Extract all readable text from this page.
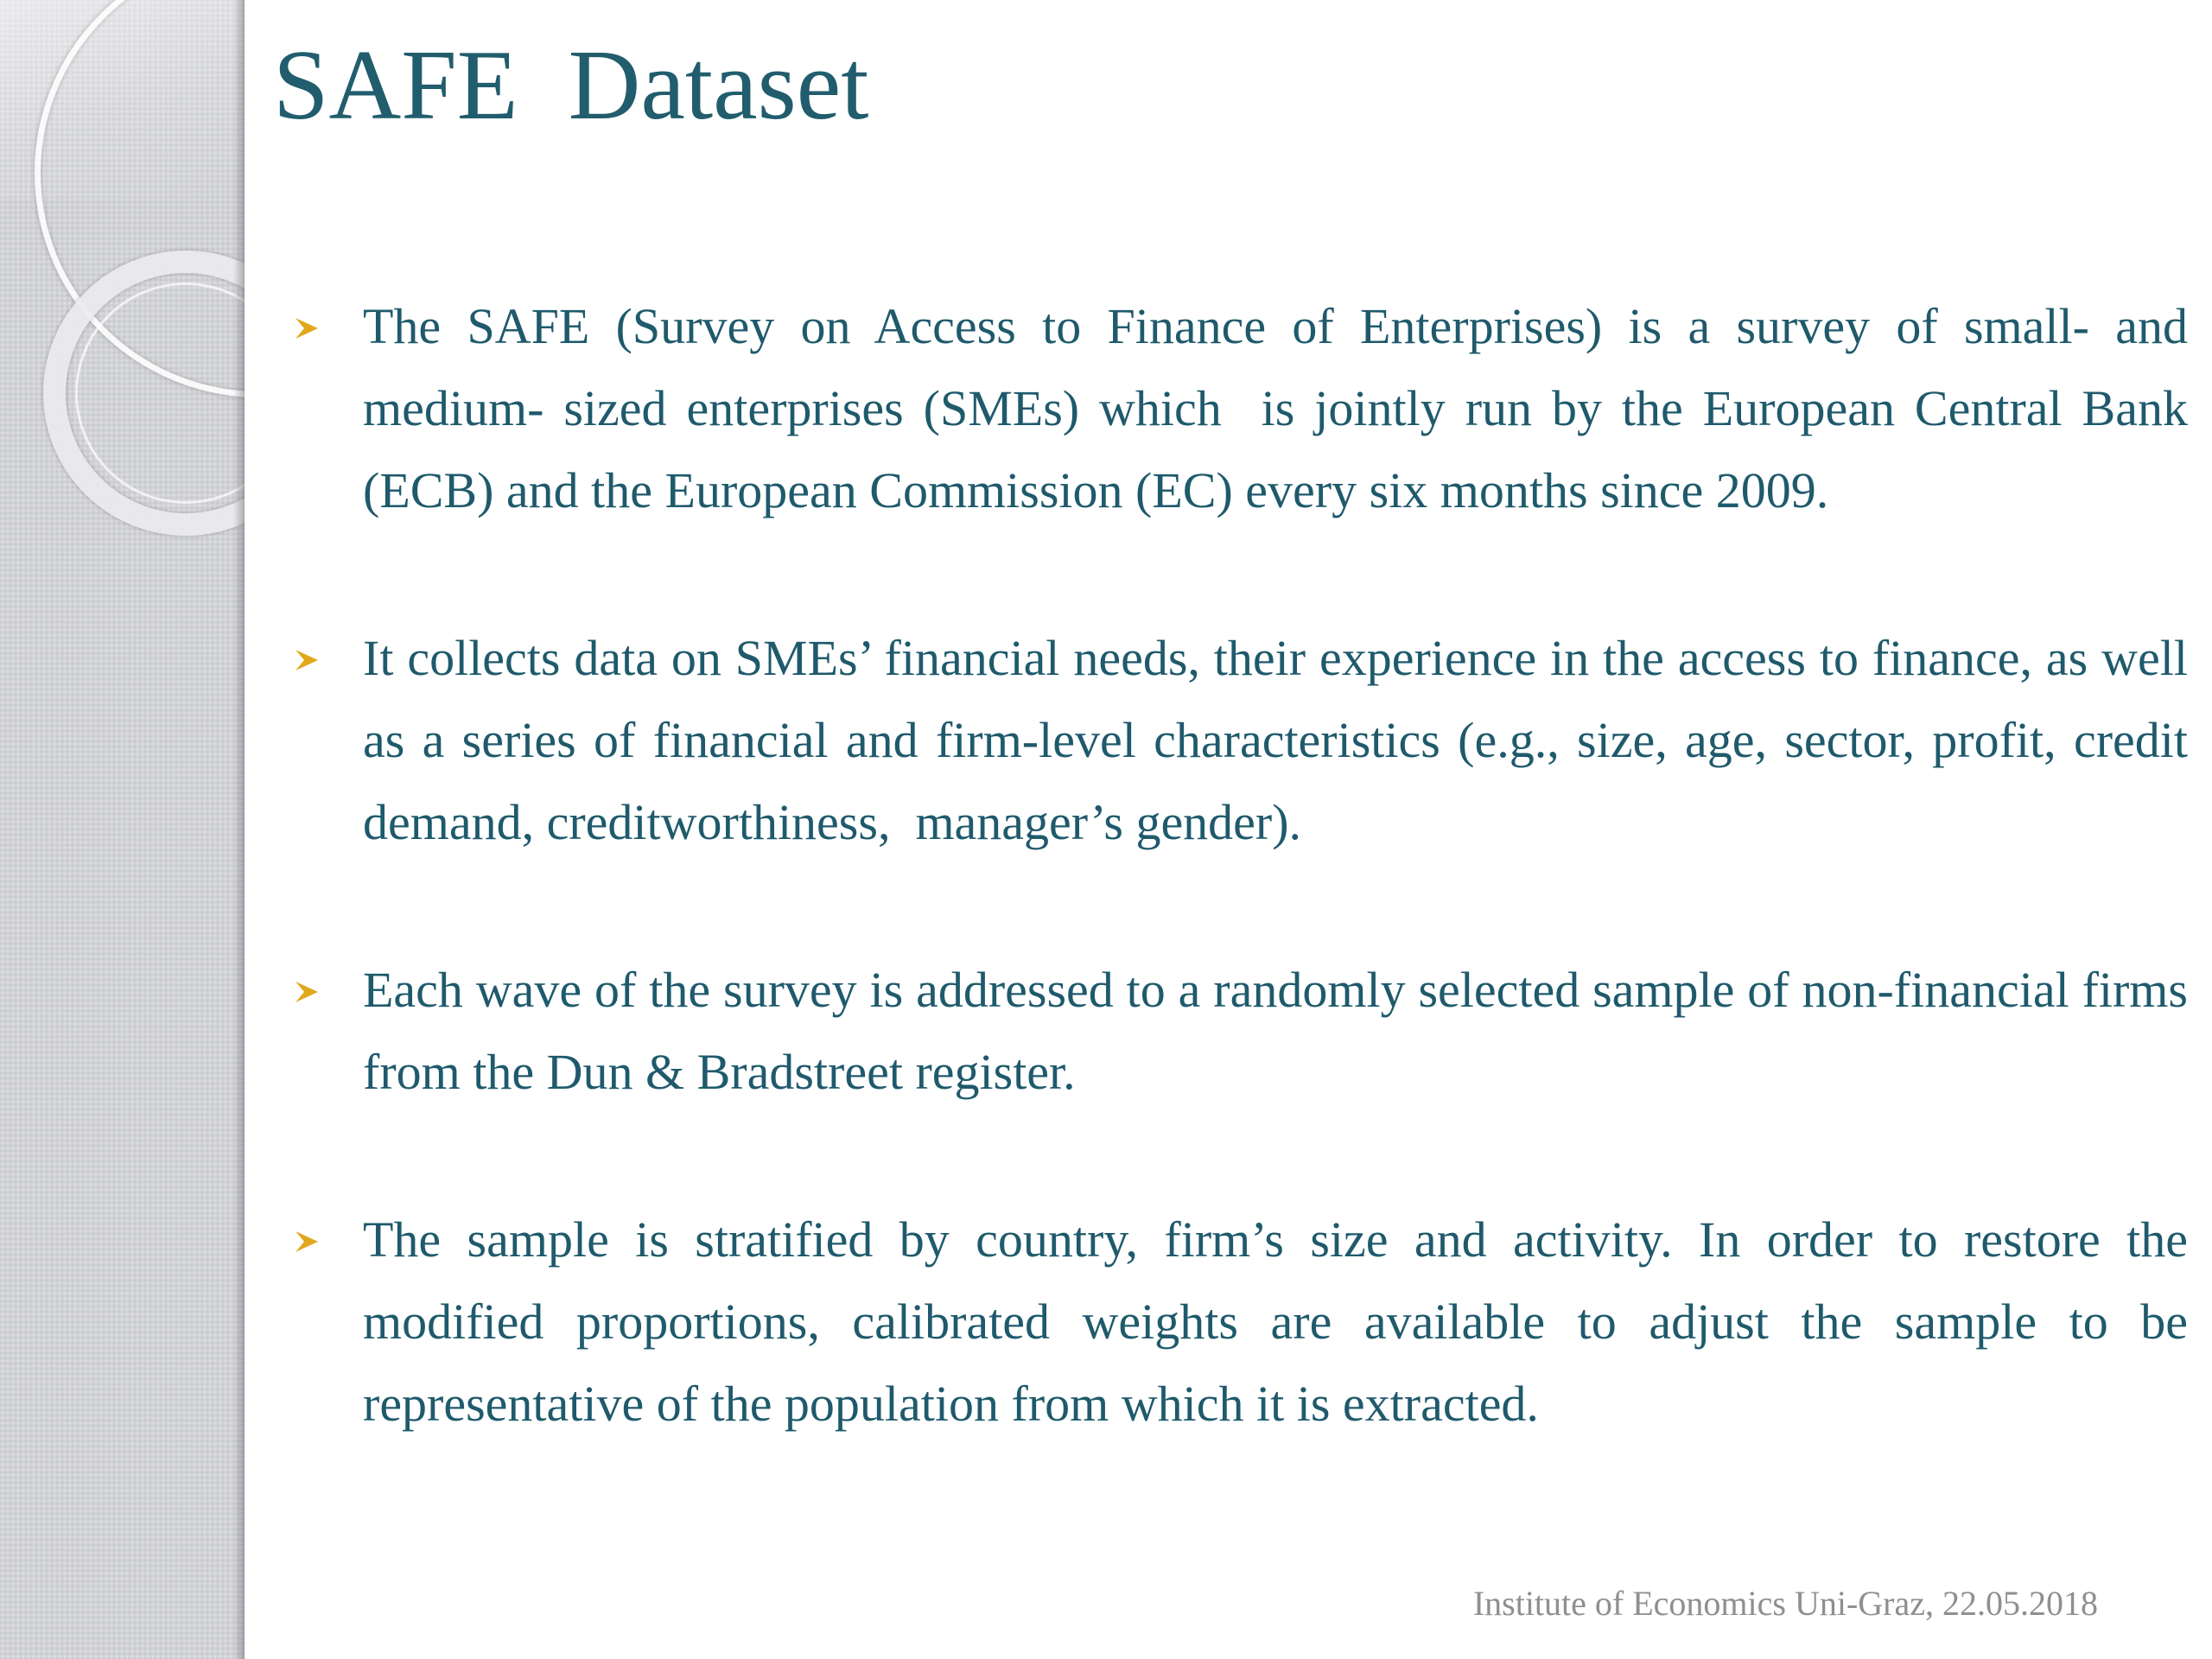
SAFE  Dataset
The SAFE (Survey on Access to Finance of Enterprises) is a survey of small- and medium- sized enterprises (SMEs) which  is jointly run by the European Central Bank (ECB) and the European Commission (EC) every six months since 2009.
It collects data on SMEs’ financial needs, their experience in the access to finance, as well as a series of financial and firm-level characteristics (e.g., size, age, sector, profit, credit demand, creditworthiness,  manager’s gender).
Each wave of the survey is addressed to a randomly selected sample of non-financial firms from the Dun & Bradstreet register.
The sample is stratified by country, firm’s size and activity. In order to restore the modified proportions, calibrated weights are available to adjust the sample to be representative of the population from which it is extracted.
Institute of Economics Uni-Graz, 22.05.2018
